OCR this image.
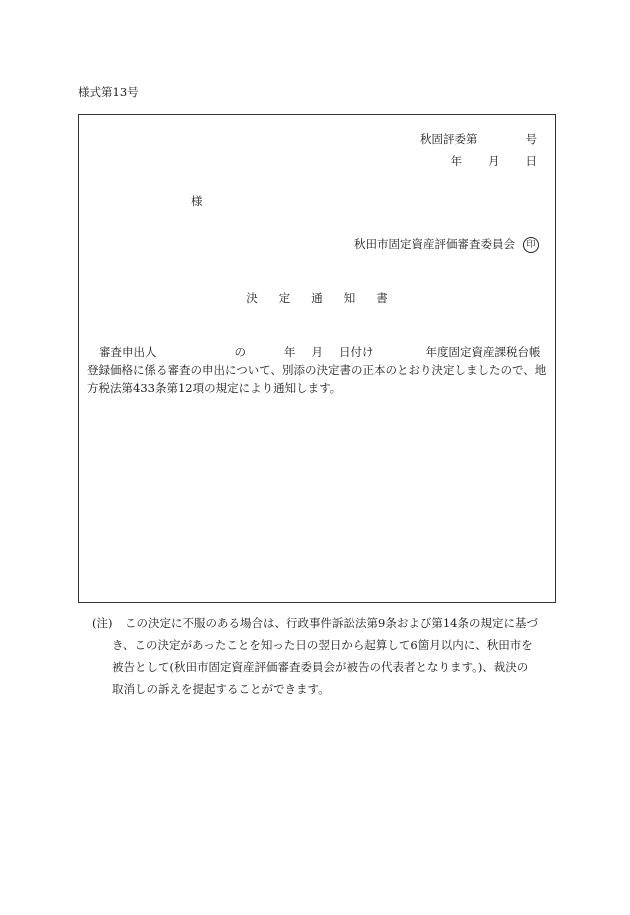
様式第13号
秋固評委第	号
年 月 日
様
秋田市固定資産評価審査委員会 印
決定通知書
審査申出人	の	年 月 日付け	年度固定資産課税台帳登録価格に係る審査の申出について、別添の決定書の正本のとおり決定しましたので、地方税法第433条第12項の規定により通知します。
(注)	この決定に不服のある場合は、行政事件訴訟法第9条および第14条の規定に基づ
き、この決定があったことを知った日の翌日から起算して6箇月以内に、秋田市を
被告として(秋田市固定資産評価審査委員会が被告の代表者となります。)、裁決の
取消しの訴えを提起することができます。
